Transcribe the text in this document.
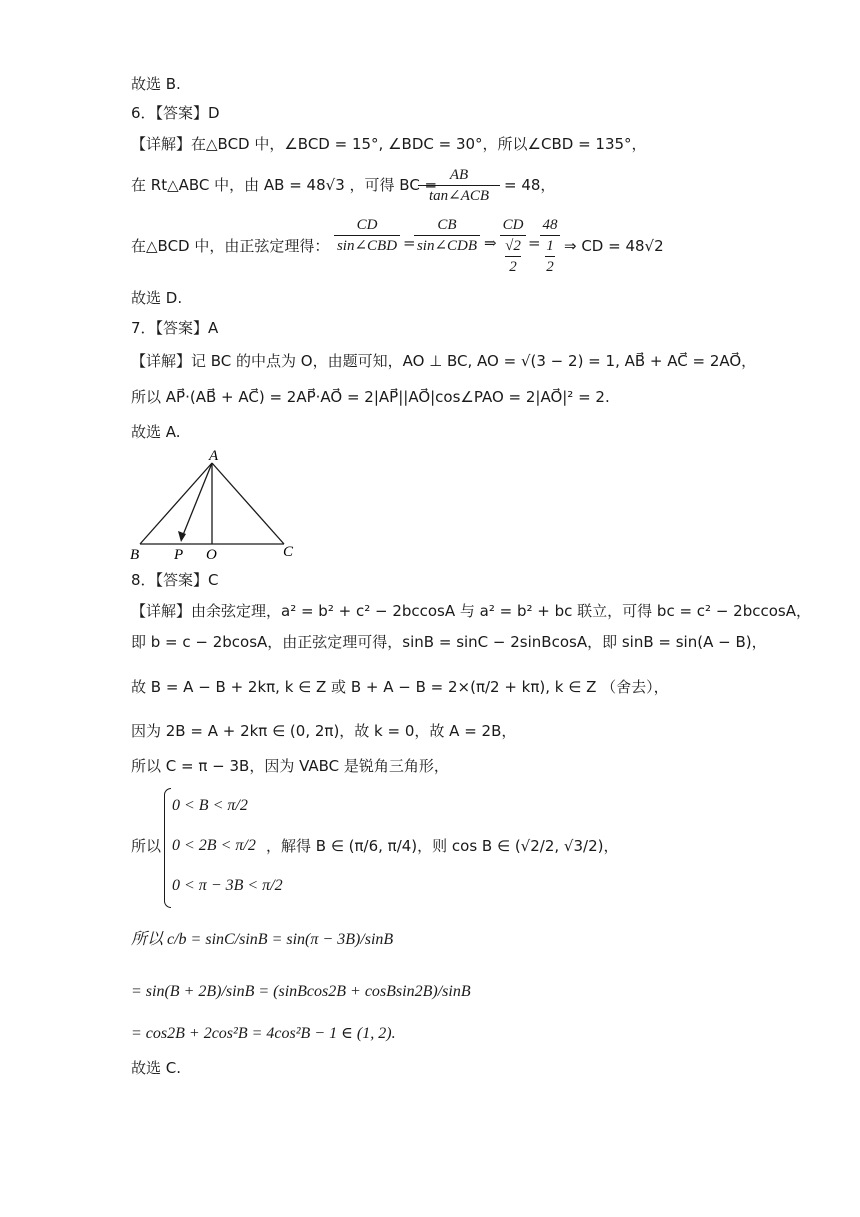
故选 B.
6．【答案】D
【详解】在△BCD 中，∠BCD = 15°, ∠BDC = 30°，所以∠CBD = 135°，
在 Rt△ABC 中，由 AB = 48√3 ，可得 BC =
AB
tan∠ACB
= 48，
在△BCD 中，由正弦定理得：
CD
sin∠CBD =
CB
sin∠CDB ⇒
CD
√2
2
=
48
1
2
⇒ CD = 48√2
故选 D.
7．【答案】A
【详解】记 BC 的中点为 O，由题可知，AO ⊥ BC, AO = √(3 − 2) = 1, AB⃗ + AC⃗ = 2AO⃗，
所以 AP⃗·(AB⃗ + AC⃗) = 2AP⃗·AO⃗ = 2|AP⃗||AO⃗|cos∠PAO = 2|AO⃗|² = 2.
故选 A.
A
B P O	C
8．【答案】C
【详解】由余弦定理，a² = b² + c² − 2bccosA 与 a² = b² + bc 联立，可得 bc = c² − 2bccosA，
即 b = c − 2bcosA，由正弦定理可得，sinB = sinC − 2sinBcosA，即 sinB = sin(A − B)，
故 B = A − B + 2kπ, k ∈ Z 或 B + A − B = 2×(π/2 + kπ), k ∈ Z （舍去），
因为 2B = A + 2kπ ∈ (0, 2π)，故 k = 0，故 A = 2B，
所以 C = π − 3B，因为 VABC 是锐角三角形，
所以
0 < B < π/2
0 < 2B < π/2
0 < π − 3B < π/2
，解得 B ∈ (π/6, π/4)，则 cos B ∈ (√2/2, √3/2)，
所以 c/b = sinC/sinB = sin(π − 3B)/sinB
= sin(B + 2B)/sinB = (sinBcos2B + cosBsin2B)/sinB
= cos2B + 2cos²B = 4cos²B − 1 ∈ (1, 2).
故选 C.
